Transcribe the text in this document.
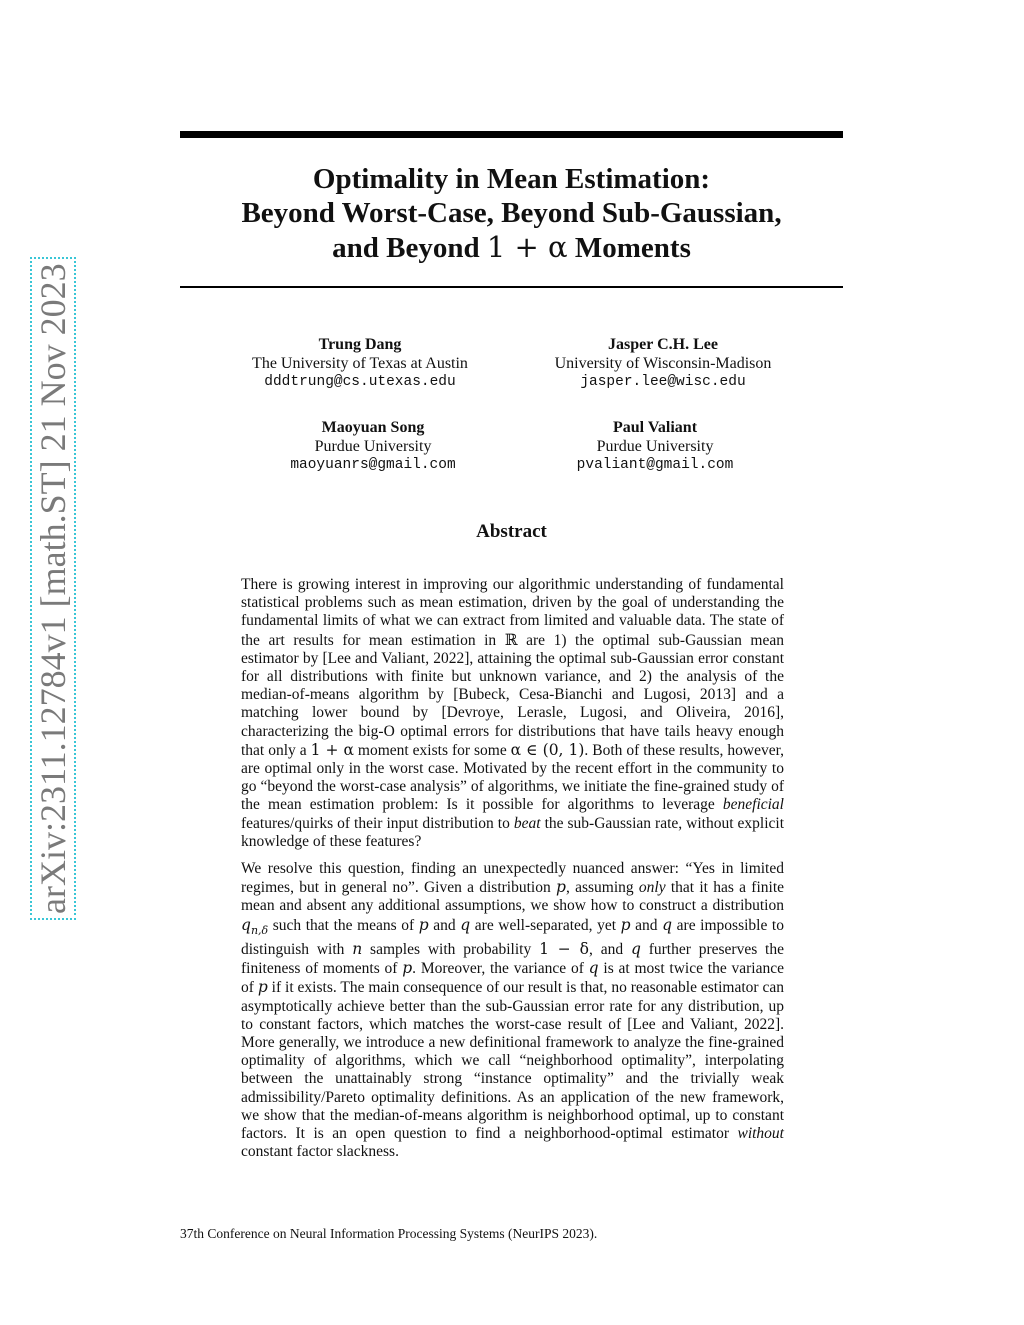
arXiv:2311.12784v1 [math.ST] 21 Nov 2023
Optimality in Mean Estimation:
Beyond Worst-Case, Beyond Sub-Gaussian,
and Beyond 1 + α Moments
Trung Dang
The University of Texas at Austin
dddtrung@cs.utexas.edu
Jasper C.H. Lee
University of Wisconsin-Madison
jasper.lee@wisc.edu
Maoyuan Song
Purdue University
maoyuanrs@gmail.com
Paul Valiant
Purdue University
pvaliant@gmail.com
Abstract

There is growing interest in improving our algorithmic understanding of fundamental statistical problems such as mean estimation, driven by the goal of understanding the fundamental limits of what we can extract from limited and valuable data. The state of the art results for mean estimation in ℝ are 1) the optimal sub-Gaussian mean estimator by [Lee and Valiant, 2022], attaining the optimal sub-Gaussian error constant for all distributions with finite but unknown variance, and 2) the analysis of the median-of-means algorithm by [Bubeck, Cesa-Bianchi and Lugosi, 2013] and a matching lower bound by [Devroye, Lerasle, Lugosi, and Oliveira, 2016], characterizing the big-O optimal errors for distributions that have tails heavy enough that only a 1 + α moment exists for some α ∈ (0, 1). Both of these results, however, are optimal only in the worst case. Motivated by the recent effort in the community to go “beyond the worst-case analysis” of algorithms, we initiate the fine-grained study of the mean estimation problem: Is it possible for algorithms to leverage beneficial features/quirks of their input distribution to beat the sub-Gaussian rate, without explicit knowledge of these features?

We resolve this question, finding an unexpectedly nuanced answer: “Yes in limited regimes, but in general no”. Given a distribution p, assuming only that it has a finite mean and absent any additional assumptions, we show how to construct a distribution $q_{n,\delta}$ such that the means of p and q are well-separated, yet p and q are impossible to distinguish with n samples with probability 1 − δ, and q further preserves the finiteness of moments of p. Moreover, the variance of q is at most twice the variance of p if it exists. The main consequence of our result is that, no reasonable estimator can asymptotically achieve better than the sub-Gaussian error rate for any distribution, up to constant factors, which matches the worst-case result of [Lee and Valiant, 2022]. More generally, we introduce a new definitional framework to analyze the fine-grained optimality of algorithms, which we call “neighborhood optimality”, interpolating between the unattainably strong “instance optimality” and the trivially weak admissibility/Pareto optimality definitions. As an application of the new framework, we show that the median-of-means algorithm is neighborhood optimal, up to constant factors. It is an open question to find a neighborhood-optimal estimator without constant factor slackness.

37th Conference on Neural Information Processing Systems (NeurIPS 2023).
